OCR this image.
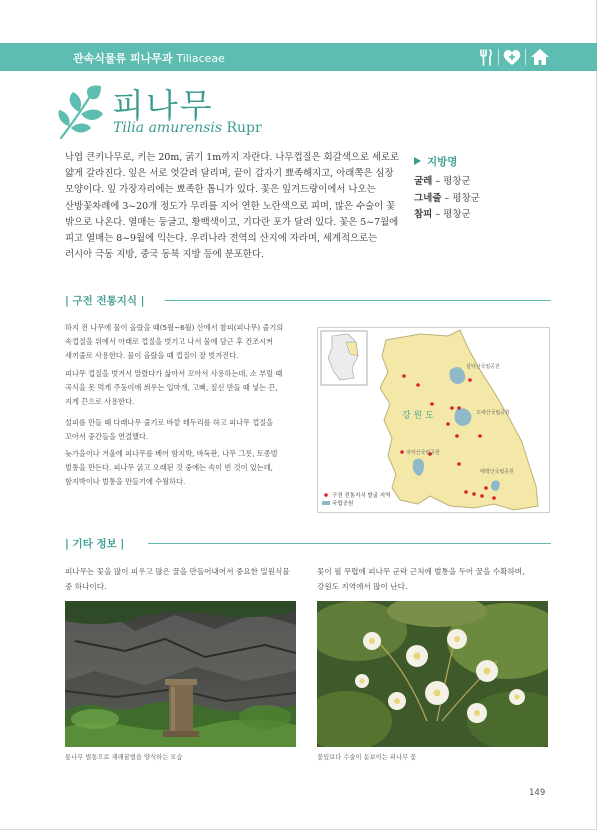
관속식물류 피나무과 Tiliaceae
피나무
Tilia amurensis Rupr
낙엽 큰키나무로, 키는 20m, 굵기 1m까지 자란다. 나무껍질은 회갈색으로 세로로
얇게 갈라진다. 잎은 서로 엇갈려 달리며, 끝이 갑자기 뾰족해지고, 아래쪽은 심장
모양이다. 잎 가장자리에는 뾰족한 톱니가 있다. 꽃은 잎겨드랑이에서 나오는
산방꽃차례에 3~20개 정도가 무리를 지어 연한 노란색으로 피며, 많은 수술이 꽃
밖으로 나온다. 열매는 둥글고, 황백색이고, 기다란 포가 달려 있다. 꽃은 5~7월에
피고 열매는 8~9월에 익는다. 우리나라 전역의 산지에 자라며, 세계적으로는
러시아 극동 지방, 중국 동북 지방 등에 분포한다.
지방명
굴레 – 평창군
그네줄 – 평창군
참피 – 평창군
| 구전 전통지식 |
하지 전 나무에 물이 올랐을 때(5월~6월) 산에서 참피(피나무) 줄기의
속껍질을 위에서 아래로 껍질을 벗기고 나서 물에 담근 후 건조시켜
새끼줄로 사용한다. 물이 올랐을 때 껍질이 잘 벗겨진다.
피나무 껍질을 벗겨서 말렸다가 삶아서 꼬아서 사용하는데, 소 부릴 때
곡식을 못 먹게 주둥이에 씌우는 입마개, 고삐, 짚신 만들 때 넣는 끈,
지게 끈으로 사용한다.
설피를 만들 때 다래나무 줄기로 바깥 테두리를 하고 피나무 껍질을
꼬아서 중간들을 연결했다.
늦가을이나 겨울에 피나무를 베어 함지박, 바둑판, 나무 그릇, 토종벌
벌통을 만든다. 피나무 굵고 오래된 것 중에는 속이 빈 것이 있는데,
함지박이나 벌통을 만들기에 수월하다.
강 원 도
설악산국립공원
오대산국립공원
치악산국립공원
태백산국립공원
구전 전통지식 발굴 지역
국립공원
| 기타 정보 |
피나무는 꽃을 많이 피우고 많은 꿀을 만들어내어서 중요한 밀원식물
중 하나이다.
꽃이 필 무렵에 피나무 군락 근처에 벌통을 두어 꿀을 수확하며,
강원도 지역에서 많이 난다.
통나무 벌통으로 재래꿀벌을 양식하는 모습	꽃잎보다 수술이 돋보이는 피나무 꽃
149
